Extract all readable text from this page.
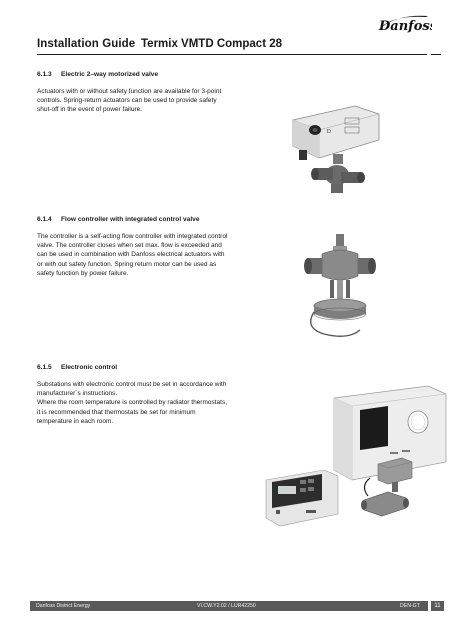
Danfoss
Installation Guide Termix VMTD Compact 28
6.1.3 Electric 2–way motorized valve

Actuators with or without safety function are available for 3-point

controls. Spring-return actuators can be used to provide safety

shut-off in the event of power failure.

D
6.1.4 Flow controller with integrated control valve

The controller is a self-acting flow controller with integrated control

valve. The controller closes when set max. flow is exceeded and

can be used in combination with Danfoss electrical actuators with

or with out safety function. Spring return motor can be used as

safety function by power failure.

6.1.5 Electronic control

Substations with electronic control must be set in accordance with

manufacturer´s instructions.

Where the room temperature is controlled by radiator thermostats,

it is recommended that thermostats be set for minimum

temperature in each room.

Danfoss District Energy	VI.CW.Y2.02 / LUR42250	DEN-GT	11
